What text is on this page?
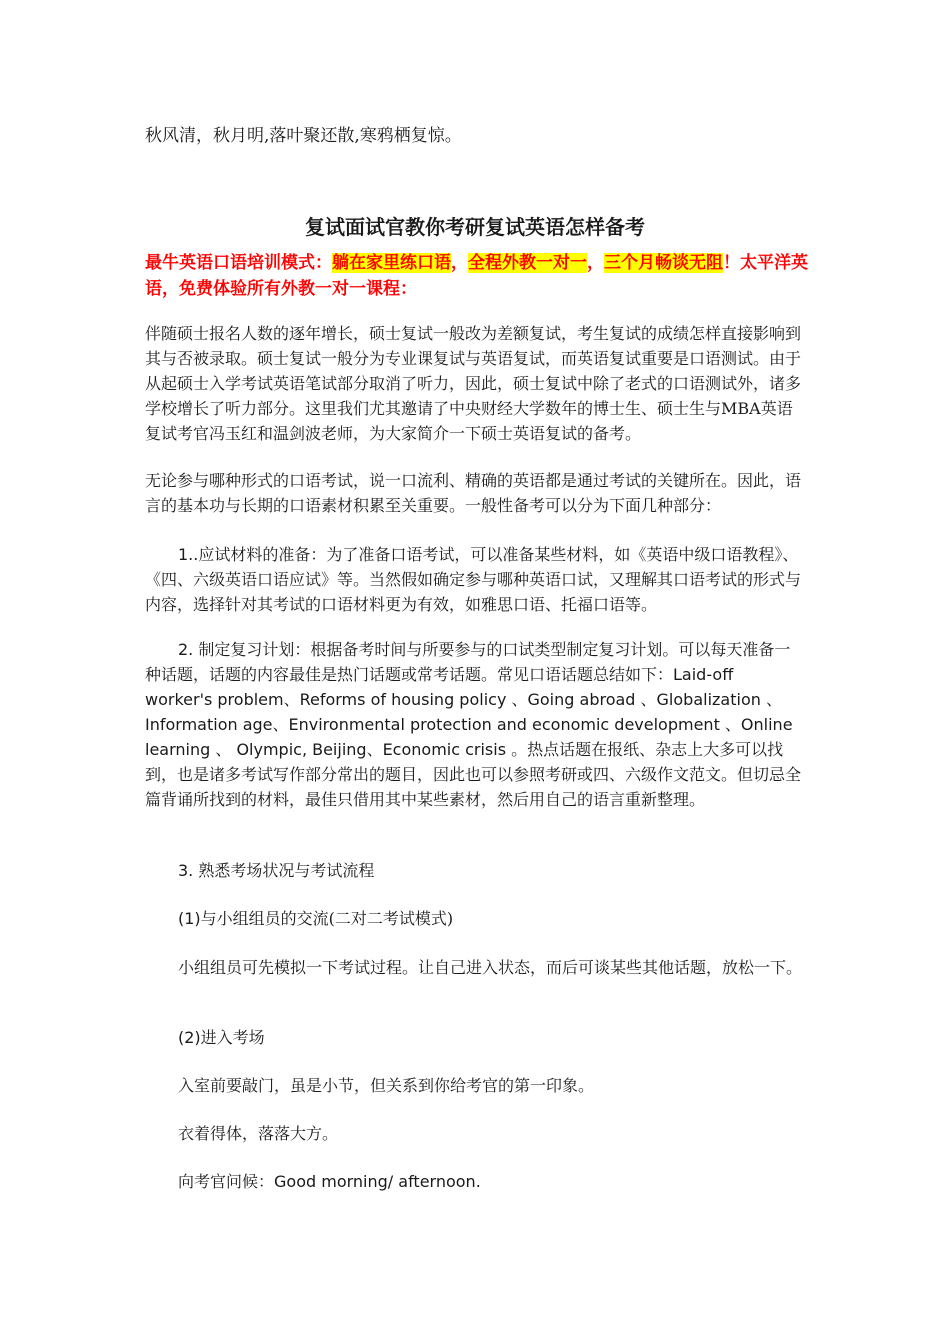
秋风清，秋月明,落叶聚还散,寒鸦栖复惊。

复试面试官教你考研复试英语怎样备考

最牛英语口语培训模式：躺在家里练口语，全程外教一对一，三个月畅谈无阻！太平洋英语，免费体验所有外教一对一课程：

伴随硕士报名人数的逐年增长，硕士复试一般改为差额复试，考生复试的成绩怎样直接影响到其与否被录取。硕士复试一般分为专业课复试与英语复试，而英语复试重要是口语测试。由于从起硕士入学考试英语笔试部分取消了听力，因此，硕士复试中除了老式的口语测试外，诸多学校增长了听力部分。这里我们尤其邀请了中央财经大学数年的博士生、硕士生与MBA英语复试考官冯玉红和温剑波老师，为大家简介一下硕士英语复试的备考。

无论参与哪种形式的口语考试，说一口流利、精确的英语都是通过考试的关键所在。因此，语言的基本功与长期的口语素材积累至关重要。一般性备考可以分为下面几种部分：

1..应试材料的准备：为了准备口语考试，可以准备某些材料，如《英语中级口语教程》、《四、六级英语口语应试》等。当然假如确定参与哪种英语口试，又理解其口语考试的形式与内容，选择针对其考试的口语材料更为有效，如雅思口语、托福口语等。

2. 制定复习计划：根据备考时间与所要参与的口试类型制定复习计划。可以每天准备一种话题，话题的内容最佳是热门话题或常考话题。常见口语话题总结如下：Laid-off worker's problem、Reforms of housing policy 、Going abroad 、Globalization 、Information age、Environmental protection and economic development 、Online learning 、 Olympic, Beijing、Economic crisis 。热点话题在报纸、杂志上大多可以找到，也是诸多考试写作部分常出的题目，因此也可以参照考研或四、六级作文范文。但切忌全篇背诵所找到的材料，最佳只借用其中某些素材，然后用自己的语言重新整理。

3. 熟悉考场状况与考试流程

(1)与小组组员的交流(二对二考试模式)

小组组员可先模拟一下考试过程。让自己进入状态，而后可谈某些其他话题，放松一下。

(2)进入考场

入室前要敲门，虽是小节，但关系到你给考官的第一印象。

衣着得体，落落大方。

向考官问候：Good morning/ afternoon.
